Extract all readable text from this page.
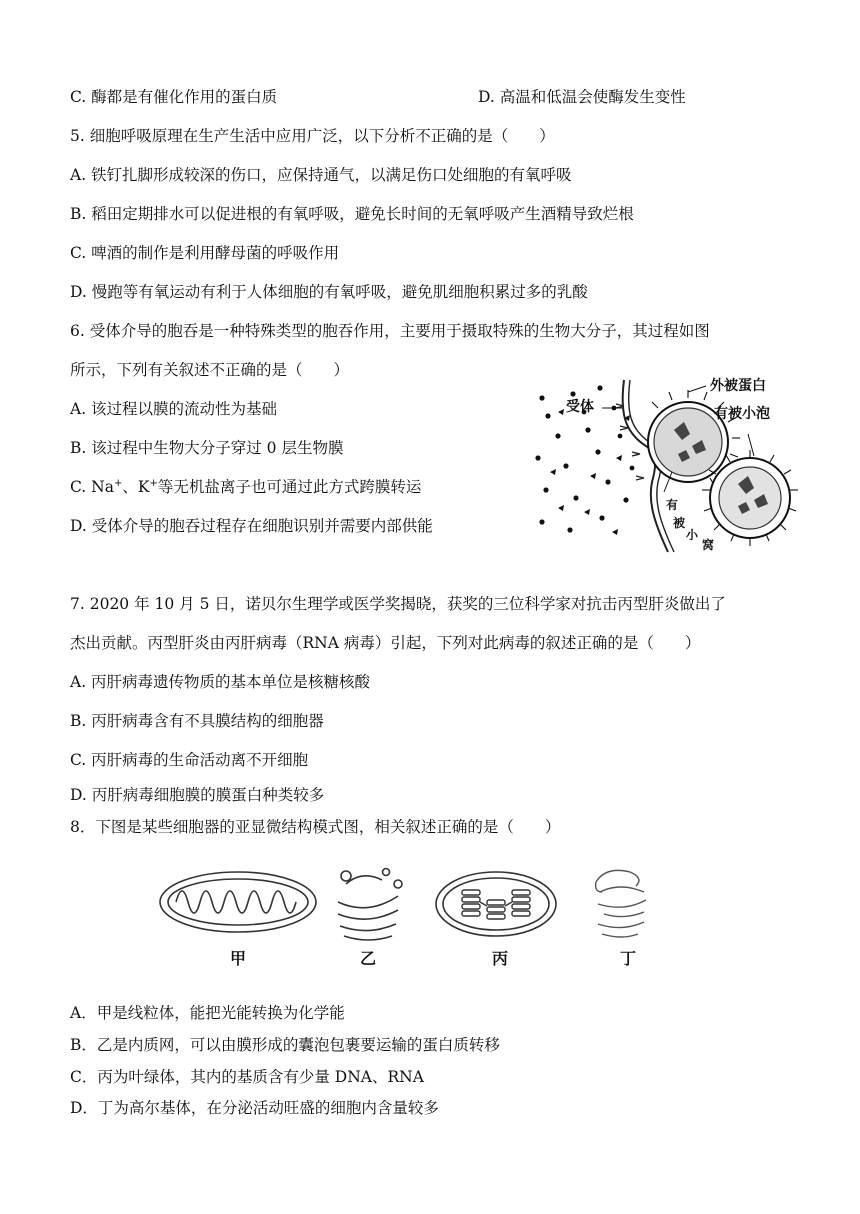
C. 酶都是有催化作用的蛋白质	D. 高温和低温会使酶发生变性
5. 细胞呼吸原理在生产生活中应用广泛，以下分析不正确的是（　　）
A. 铁钉扎脚形成较深的伤口，应保持通气，以满足伤口处细胞的有氧呼吸
B. 稻田定期排水可以促进根的有氧呼吸，避免长时间的无氧呼吸产生酒精导致烂根
C. 啤酒的制作是利用酵母菌的呼吸作用
D. 慢跑等有氧运动有利于人体细胞的有氧呼吸，避免肌细胞积累过多的乳酸
6. 受体介导的胞吞是一种特殊类型的胞吞作用，主要用于摄取特殊的生物大分子，其过程如图
所示，下列有关叙述不正确的是（　　）
A. 该过程以膜的流动性为基础
B. 该过程中生物大分子穿过 0 层生物膜
C. Na+、K+等无机盐离子也可通过此方式跨膜转运
D. 受体介导的胞吞过程存在细胞识别并需要内部供能
受体
外被蛋白
有被小泡
有
被
小
窝
7. 2020 年 10 月 5 日，诺贝尔生理学或医学奖揭晓，获奖的三位科学家对抗击丙型肝炎做出了
杰出贡献。丙型肝炎由丙肝病毒（RNA 病毒）引起，下列对此病毒的叙述正确的是（　　）
A. 丙肝病毒遗传物质的基本单位是核糖核酸
B. 丙肝病毒含有不具膜结构的细胞器
C. 丙肝病毒的生命活动离不开细胞
D. 丙肝病毒细胞膜的膜蛋白种类较多
8．下图是某些细胞器的亚显微结构模式图，相关叙述正确的是（　　）
甲	乙	丙	丁
A．甲是线粒体，能把光能转换为化学能
B．乙是内质网，可以由膜形成的囊泡包裹要运输的蛋白质转移
C．丙为叶绿体，其内的基质含有少量 DNA、RNA
D．丁为高尔基体，在分泌活动旺盛的细胞内含量较多
